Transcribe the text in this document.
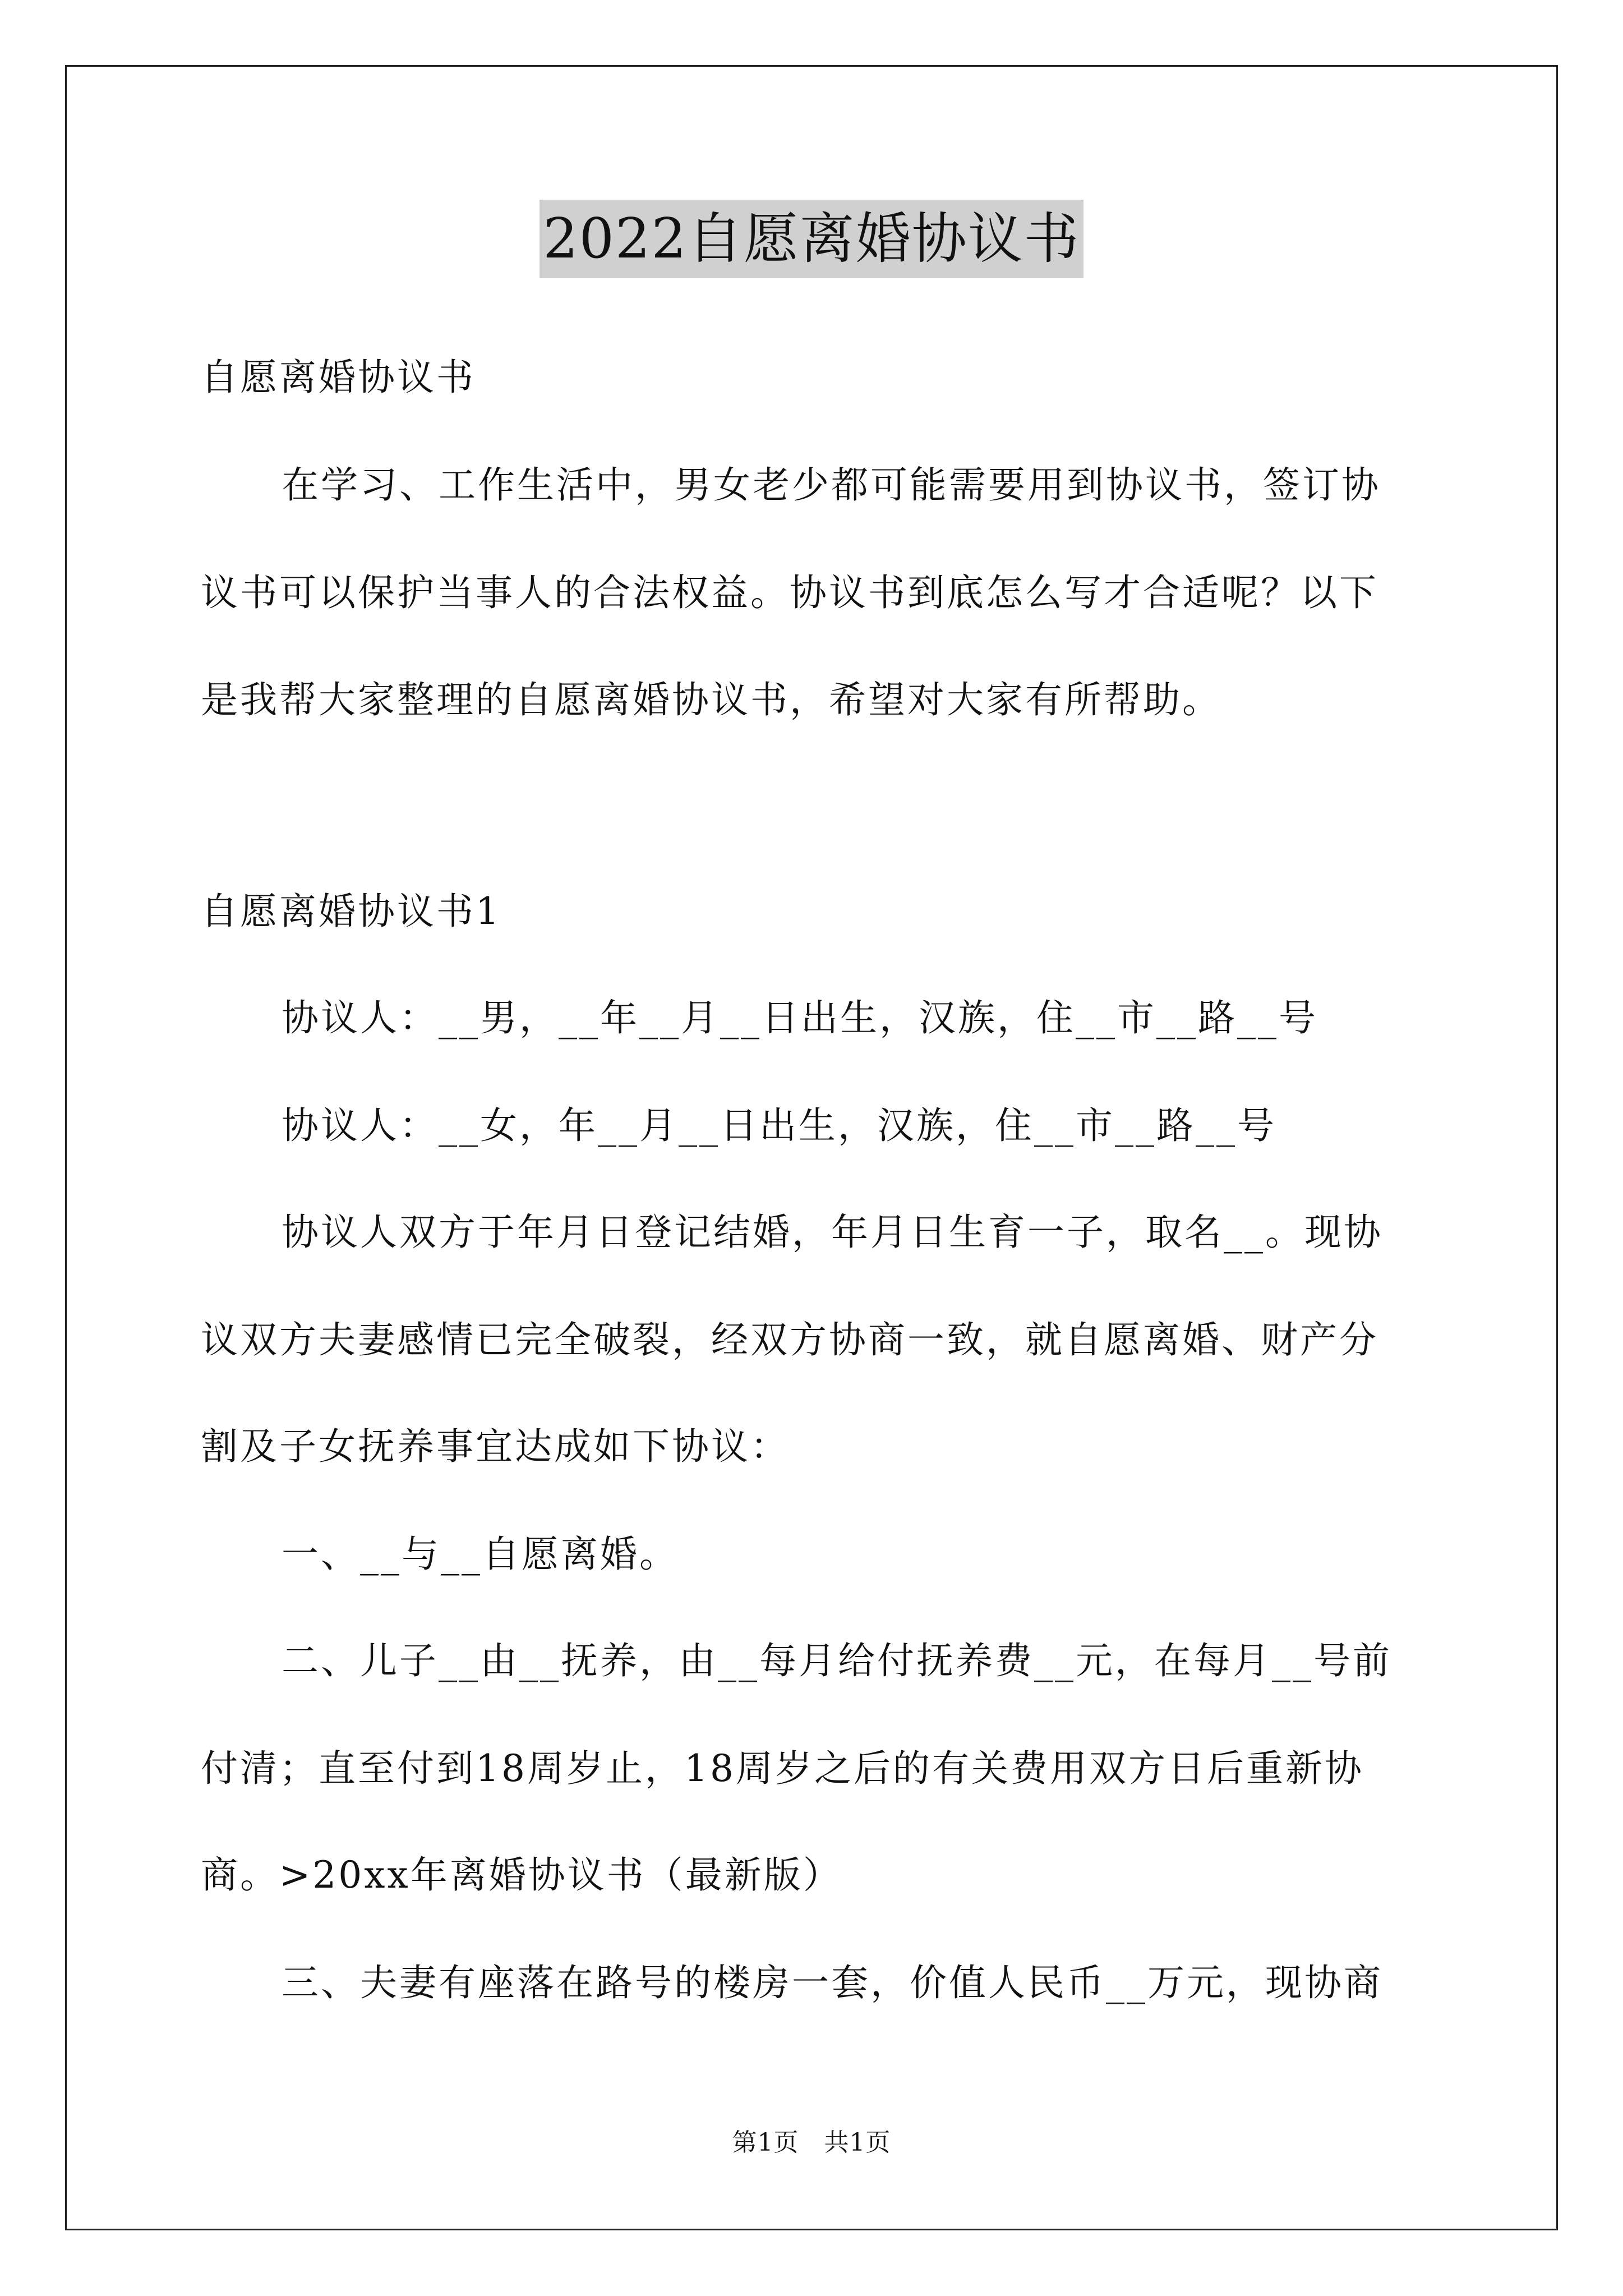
2022自愿离婚协议书
自愿离婚协议书
在学习、工作生活中，男女老少都可能需要用到协议书，签订协
议书可以保护当事人的合法权益。协议书到底怎么写才合适呢？以下
是我帮大家整理的自愿离婚协议书，希望对大家有所帮助。
自愿离婚协议书1
协议人：__男，__年__月__日出生，汉族，住__市__路__号
协议人：__女，年__月__日出生，汉族，住__市__路__号
协议人双方于年月日登记结婚，年月日生育一子，取名__。现协
议双方夫妻感情已完全破裂，经双方协商一致，就自愿离婚、财产分
割及子女抚养事宜达成如下协议：
一、__与__自愿离婚。
二、儿子__由__抚养，由__每月给付抚养费__元，在每月__号前
付清；直至付到18周岁止，18周岁之后的有关费用双方日后重新协
商。>20xx年离婚协议书（最新版）
三、夫妻有座落在路号的楼房一套，价值人民币__万元，现协商
第1页　共1页
